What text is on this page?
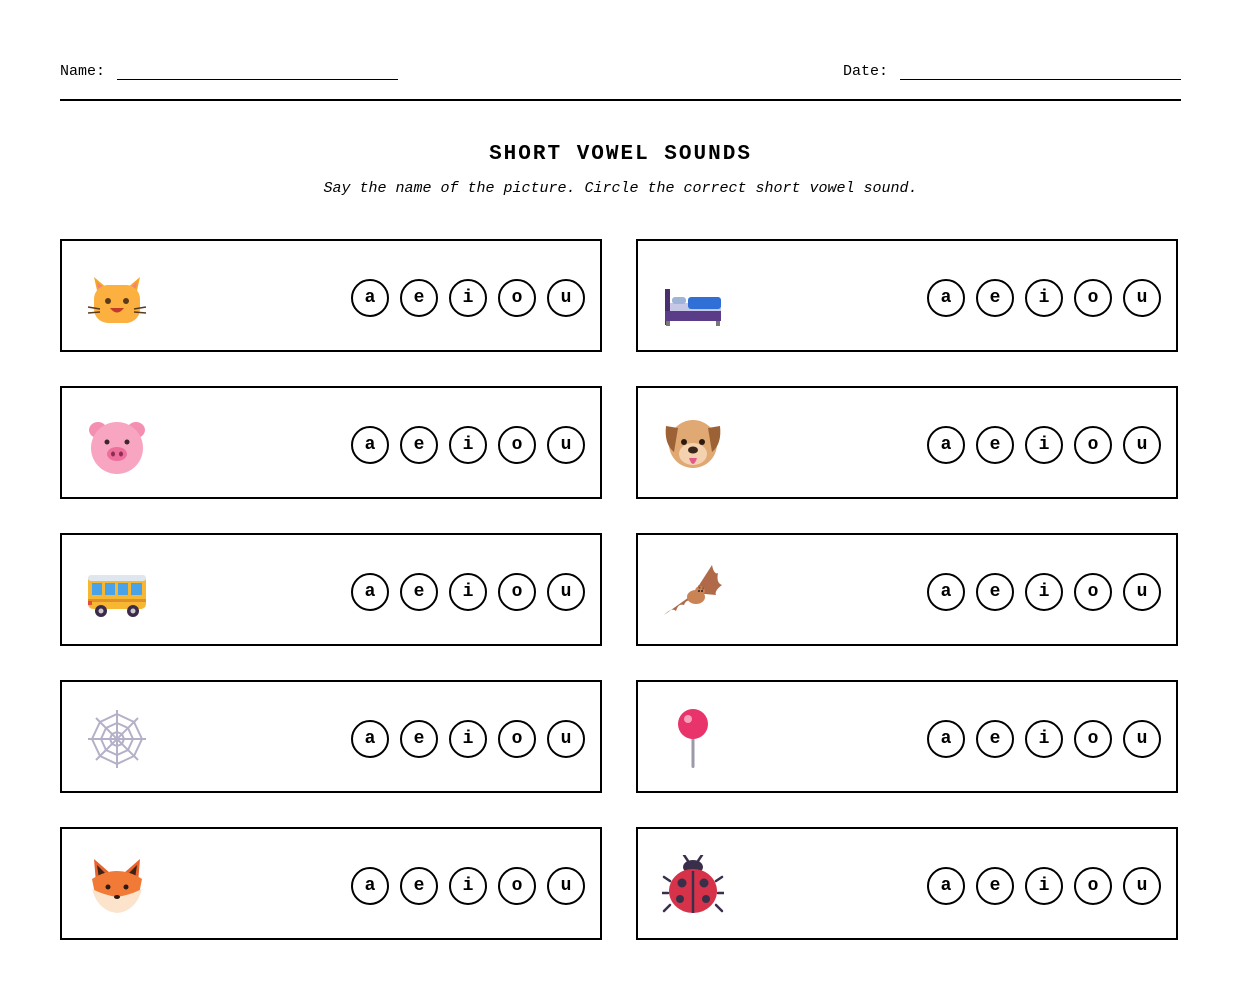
Name:	Date:
SHORT VOWEL SOUNDS
Say the name of the picture. Circle the correct short vowel sound.
a	e	i	o	u	a	e	i	o	u
a	e	i	o	u	a	e	i	o	u
a	e	i	o	u	a	e	i	o	u
a	e	i	o	u	a	e	i	o	u
a	e	i	o	u	a	e	i	o	u
